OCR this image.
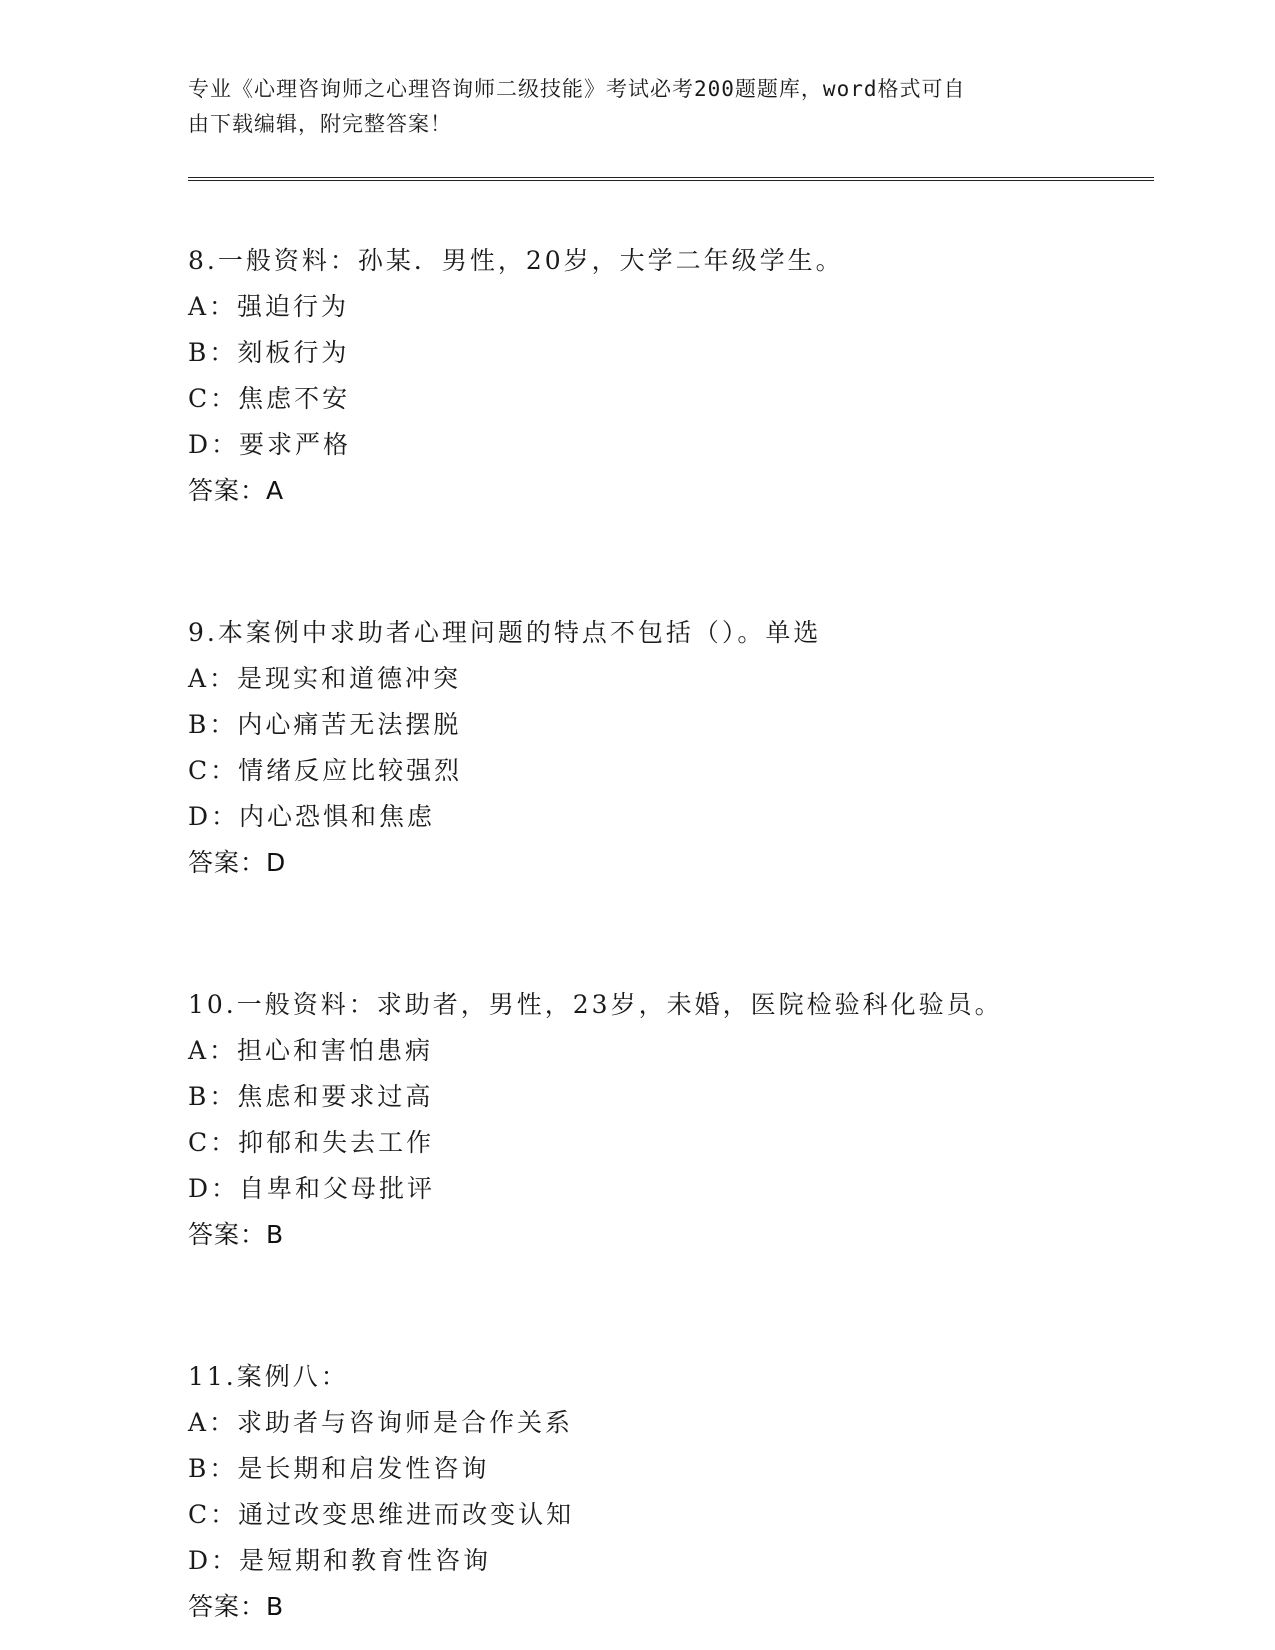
专业《心理咨询师之心理咨询师二级技能》考试必考200题题库，word格式可自
由下载编辑，附完整答案！
8.一般资料：孙某．男性，20岁，大学二年级学生。
A：强迫行为
B：刻板行为
C：焦虑不安
D：要求严格
答案：A
9.本案例中求助者心理问题的特点不包括（）。单选
A：是现实和道德冲突
B：内心痛苦无法摆脱
C：情绪反应比较强烈
D：内心恐惧和焦虑
答案：D
10.一般资料：求助者，男性，23岁，未婚，医院检验科化验员。
A：担心和害怕患病
B：焦虑和要求过高
C：抑郁和失去工作
D：自卑和父母批评
答案：B
11.案例八：
A：求助者与咨询师是合作关系
B：是长期和启发性咨询
C：通过改变思维进而改变认知
D：是短期和教育性咨询
答案：B
